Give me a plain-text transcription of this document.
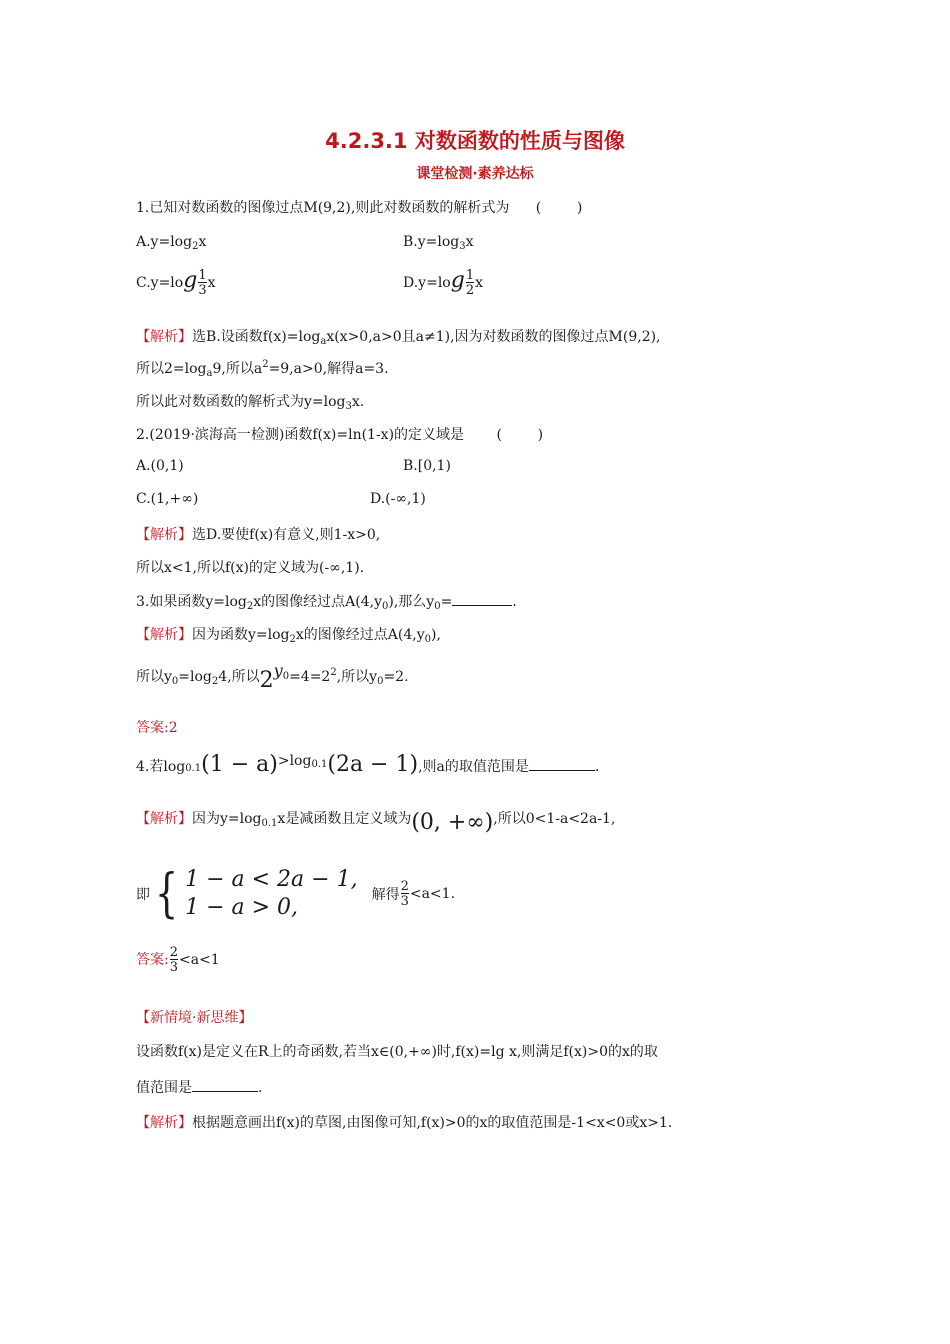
4.2.3.1 对数函数的性质与图像
课堂检测·素养达标
1.已知对数函数的图像过点M(9,2),则此对数函数的解析式为 (        )
$A.y=\log_2x$	$B.y=\log_3x$
$C.y=\log \frac{1}{3}$ x	$D.y=\log \frac{1}{2}$ x
【解析】选B.设函数$f(x)=\log_ax(x>0,a>0$且a≠1),因为对数函数的图像过点M(9,2),
所以$2=\log_a9$,所以$a^2=9,a>0$,解得a=3.
所以此对数函数的解析式为$y=\log_3x$.
2.(2019·滨海高一检测)函数f(x)=ln(1-x)的定义域是 (        )
A.(0,1)	B.[0,1)
C.(1,+∞)	D.(-∞,1)
【解析】选D.要使f(x)有意义,则1-x>0,
所以x<1,所以f(x)的定义域为(-∞,1).
3.如果函数$y=\log_2x$的图像经过点$A(4,y_0)$,那么$y_0=$	.
【解析】因为函数$y=\log_2x$的图像经过点$A(4,y_0)$,
所以$y_0=\log_24$,所以$2y^0=4=2^2$,所以$y_0=2$.
答案:2
4.若$\log 0.1(1 - a)>\log^{0.1}(2a - 1)$,则a的取值范围是	.
【解析】因为$y=\log_{0.1}x$是减函数且定义域为(0, +∞),所以0<1-a<2a-1,
即 { 1 − a < 2a − 1,
1 − a > 0,	解得 $\frac{2}{3} <a<1$.
答案: $\frac{2}{3} <a<1$
【新情境·新思维】
设函数f(x)是定义在R上的奇函数,若当x∈(0,+∞)时,f(x)=lg x,则满足f(x)>0的x的取
值范围是	.
【解析】根据题意画出f(x)的草图,由图像可知,f(x)>0的x的取值范围是-1<x<0或x>1.
